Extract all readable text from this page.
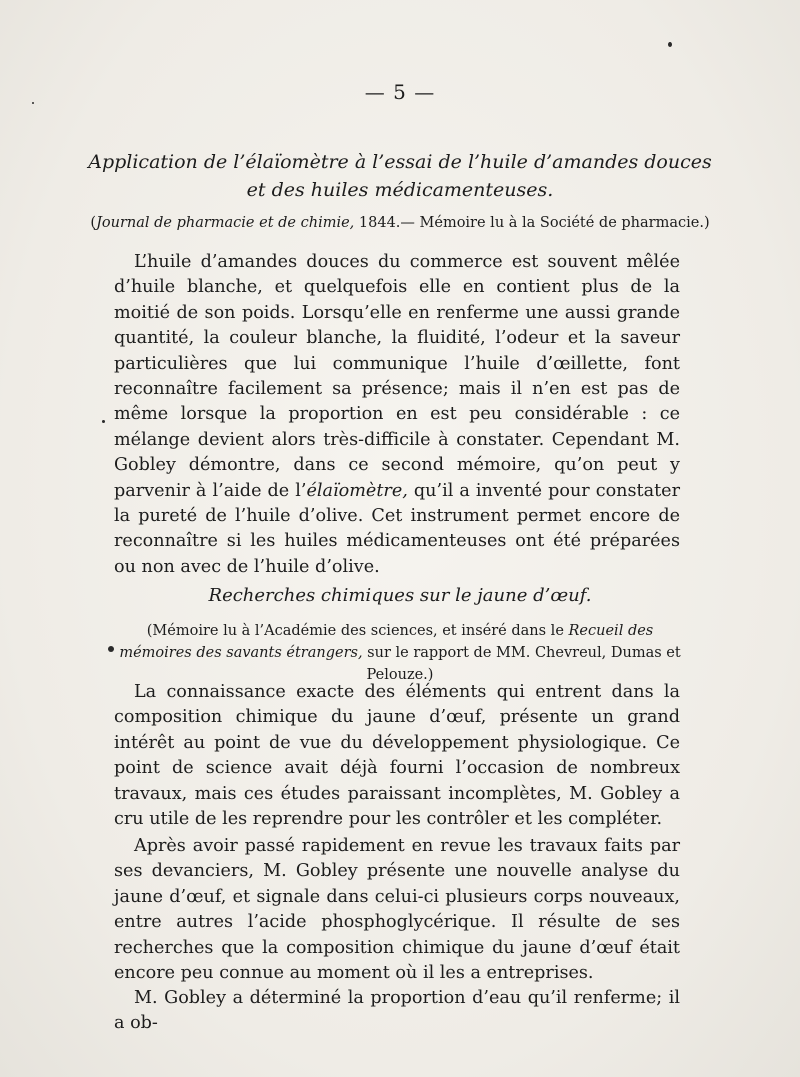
— 5 —
Application de l’élaïomètre à l’essai de l’huile d’amandes douces
et des huiles médicamenteuses.
(Journal de pharmacie et de chimie, 1844.— Mémoire lu à la Société de pharmacie.)
L’huile d’amandes douces du commerce est souvent mêlée d’huile blanche, et quelquefois elle en contient plus de la moitié de son poids. Lorsqu’elle en renferme une aussi grande quantité, la couleur blanche, la fluidité, l’odeur et la saveur particulières que lui communique l’huile d’œillette, font reconnaître facilement sa présence; mais il n’en est pas de même lorsque la proportion en est peu considérable : ce mélange devient alors très-difficile à constater. Cependant M. Gobley démontre, dans ce second mémoire, qu’on peut y parvenir à l’aide de l’élaïomètre, qu’il a inventé pour constater la pureté de l’huile d’olive. Cet instrument permet encore de reconnaître si les huiles médicamenteuses ont été préparées ou non avec de l’huile d’olive.
Recherches chimiques sur le jaune d’œuf.
(Mémoire lu à l’Académie des sciences, et inséré dans le Recueil des mémoires des savants étrangers, sur le rapport de MM. Chevreul, Dumas et Pelouze.)
La connaissance exacte des éléments qui entrent dans la composition chimique du jaune d’œuf, présente un grand intérêt au point de vue du développement physiologique. Ce point de science avait déjà fourni l’occasion de nombreux travaux, mais ces études paraissant incomplètes, M. Gobley a cru utile de les reprendre pour les contrôler et les compléter.
Après avoir passé rapidement en revue les travaux faits par ses devanciers, M. Gobley présente une nouvelle analyse du jaune d’œuf, et signale dans celui-ci plusieurs corps nouveaux, entre autres l’acide phosphoglycérique. Il résulte de ses recherches que la composition chimique du jaune d’œuf était encore peu connue au moment où il les a entreprises.
M. Gobley a déterminé la proportion d’eau qu’il renferme; il a ob-
